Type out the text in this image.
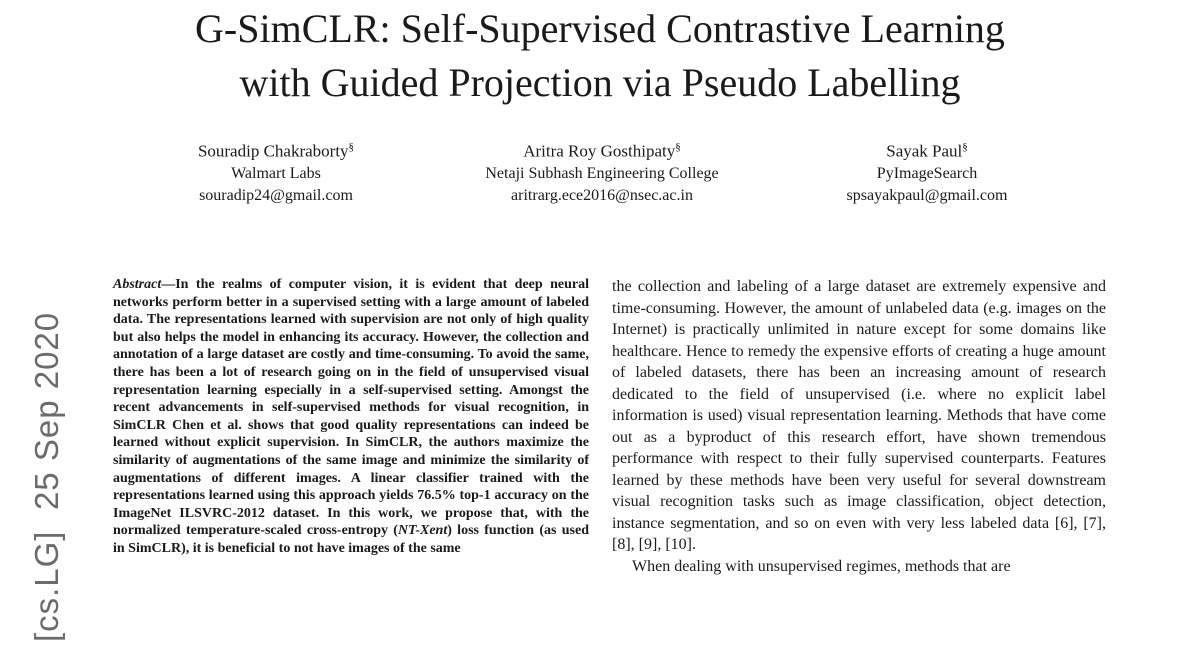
G-SimCLR: Self-Supervised Contrastive Learning
with Guided Projection via Pseudo Labelling
Souradip Chakraborty§
Walmart Labs
souradip24@gmail.com
Aritra Roy Gosthipaty§
Netaji Subhash Engineering College
aritrarg.ece2016@nsec.ac.in
Sayak Paul§
PyImageSearch
spsayakpaul@gmail.com
[cs.LG]  25 Sep 2020

Abstract—In the realms of computer vision, it is evident that deep neural networks perform better in a supervised setting with a large amount of labeled data. The representations learned with supervision are not only of high quality but also helps the model in enhancing its accuracy. However, the collection and annotation of a large dataset are costly and time-consuming. To avoid the same, there has been a lot of research going on in the field of unsupervised visual representation learning especially in a self-supervised setting. Amongst the recent advancements in self-supervised methods for visual recognition, in SimCLR Chen et al. shows that good quality representations can indeed be learned without explicit supervision. In SimCLR, the authors maximize the similarity of augmentations of the same image and minimize the similarity of augmentations of different images. A linear classifier trained with the representations learned using this approach yields 76.5% top-1 accuracy on the ImageNet ILSVRC-2012 dataset. In this work, we propose that, with the normalized temperature-scaled cross-entropy (NT-Xent) loss function (as used in SimCLR), it is beneficial to not have images of the same

the collection and labeling of a large dataset are extremely expensive and time-consuming. However, the amount of unlabeled data (e.g. images on the Internet) is practically unlimited in nature except for some domains like healthcare. Hence to remedy the expensive efforts of creating a huge amount of labeled datasets, there has been an increasing amount of research dedicated to the field of unsupervised (i.e. where no explicit label information is used) visual representation learning. Methods that have come out as a byproduct of this research effort, have shown tremendous performance with respect to their fully supervised counterparts. Features learned by these methods have been very useful for several downstream visual recognition tasks such as image classification, object detection, instance segmentation, and so on even with very less labeled data [6], [7], [8], [9], [10].

When dealing with unsupervised regimes, methods that are
